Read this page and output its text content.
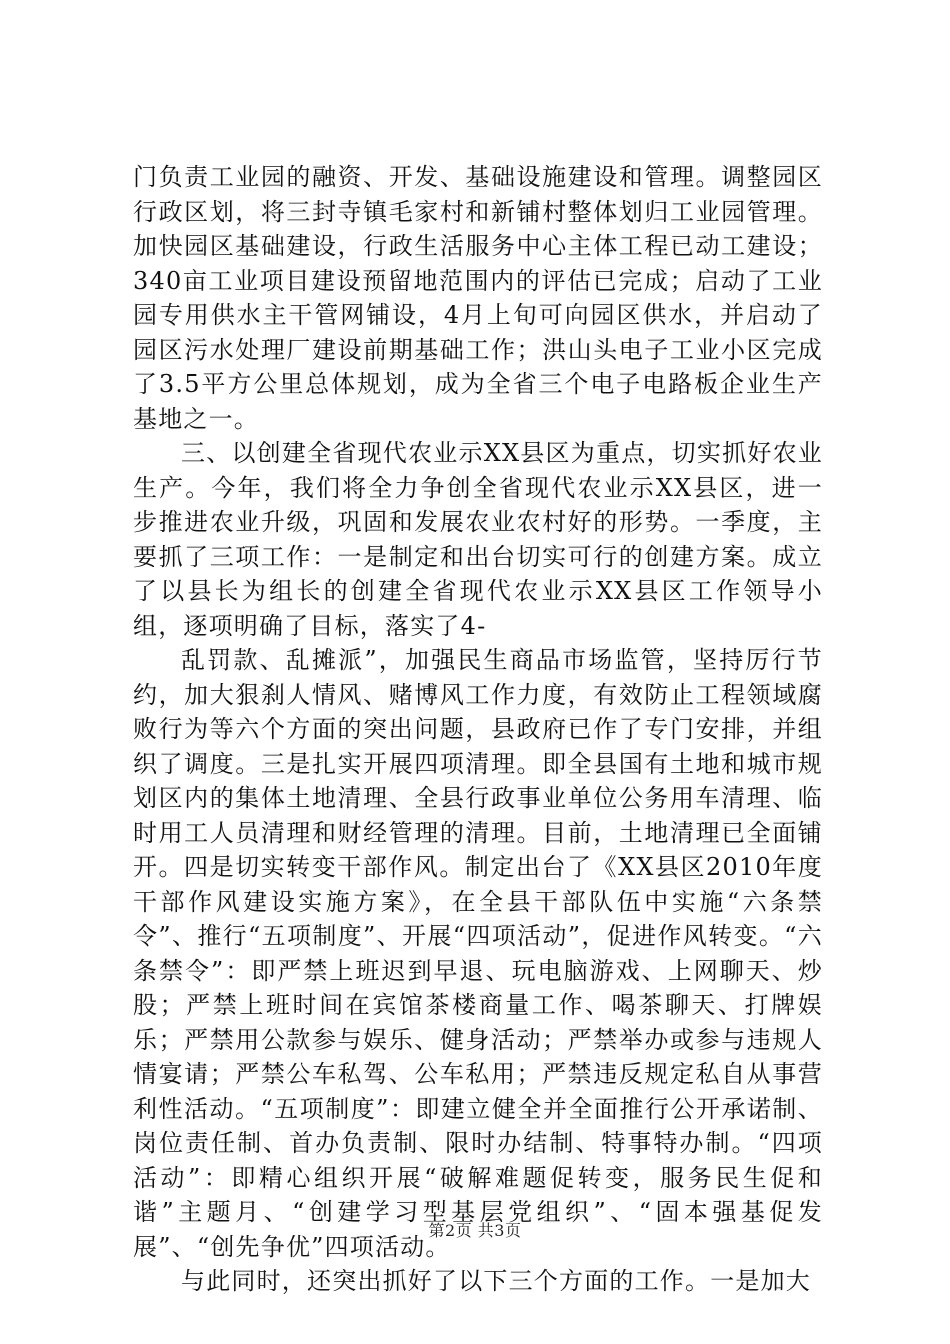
门负责工业园的融资、开发、基础设施建设和管理。调整园区行政区划，将三封寺镇毛家村和新铺村整体划归工业园管理。加快园区基础建设，行政生活服务中心主体工程已动工建设；340亩工业项目建设预留地范围内的评估已完成；启动了工业园专用供水主干管网铺设，4月上旬可向园区供水，并启动了园区污水处理厂建设前期基础工作；洪山头电子工业小区完成了3.5平方公里总体规划，成为全省三个电子电路板企业生产基地之一。

三、以创建全省现代农业示XX县区为重点，切实抓好农业生产。今年，我们将全力争创全省现代农业示XX县区，进一步推进农业升级，巩固和发展农业农村好的形势。一季度，主要抓了三项工作：一是制定和出台切实可行的创建方案。成立了以县长为组长的创建全省现代农业示XX县区工作领导小组，逐项明确了目标，落实了4-

乱罚款、乱摊派”，加强民生商品市场监管，坚持厉行节约，加大狠刹人情风、赌博风工作力度，有效防止工程领域腐败行为等六个方面的突出问题，县政府已作了专门安排，并组织了调度。三是扎实开展四项清理。即全县国有土地和城市规划区内的集体土地清理、全县行政事业单位公务用车清理、临时用工人员清理和财经管理的清理。目前，土地清理已全面铺开。四是切实转变干部作风。制定出台了《XX县区2010年度干部作风建设实施方案》，在全县干部队伍中实施“六条禁令”、推行“五项制度”、开展“四项活动”，促进作风转变。“六条禁令”：即严禁上班迟到早退、玩电脑游戏、上网聊天、炒股；严禁上班时间在宾馆茶楼商量工作、喝茶聊天、打牌娱乐；严禁用公款参与娱乐、健身活动；严禁举办或参与违规人情宴请；严禁公车私驾、公车私用；严禁违反规定私自从事营利性活动。“五项制度”：即建立健全并全面推行公开承诺制、岗位责任制、首办负责制、限时办结制、特事特办制。“四项活动”：即精心组织开展“破解难题促转变，服务民生促和谐”主题月、“创建学习型基层党组织”、“固本强基促发展”、“创先争优”四项活动。

与此同时，还突出抓好了以下三个方面的工作。一是加大

第2页 共3页
